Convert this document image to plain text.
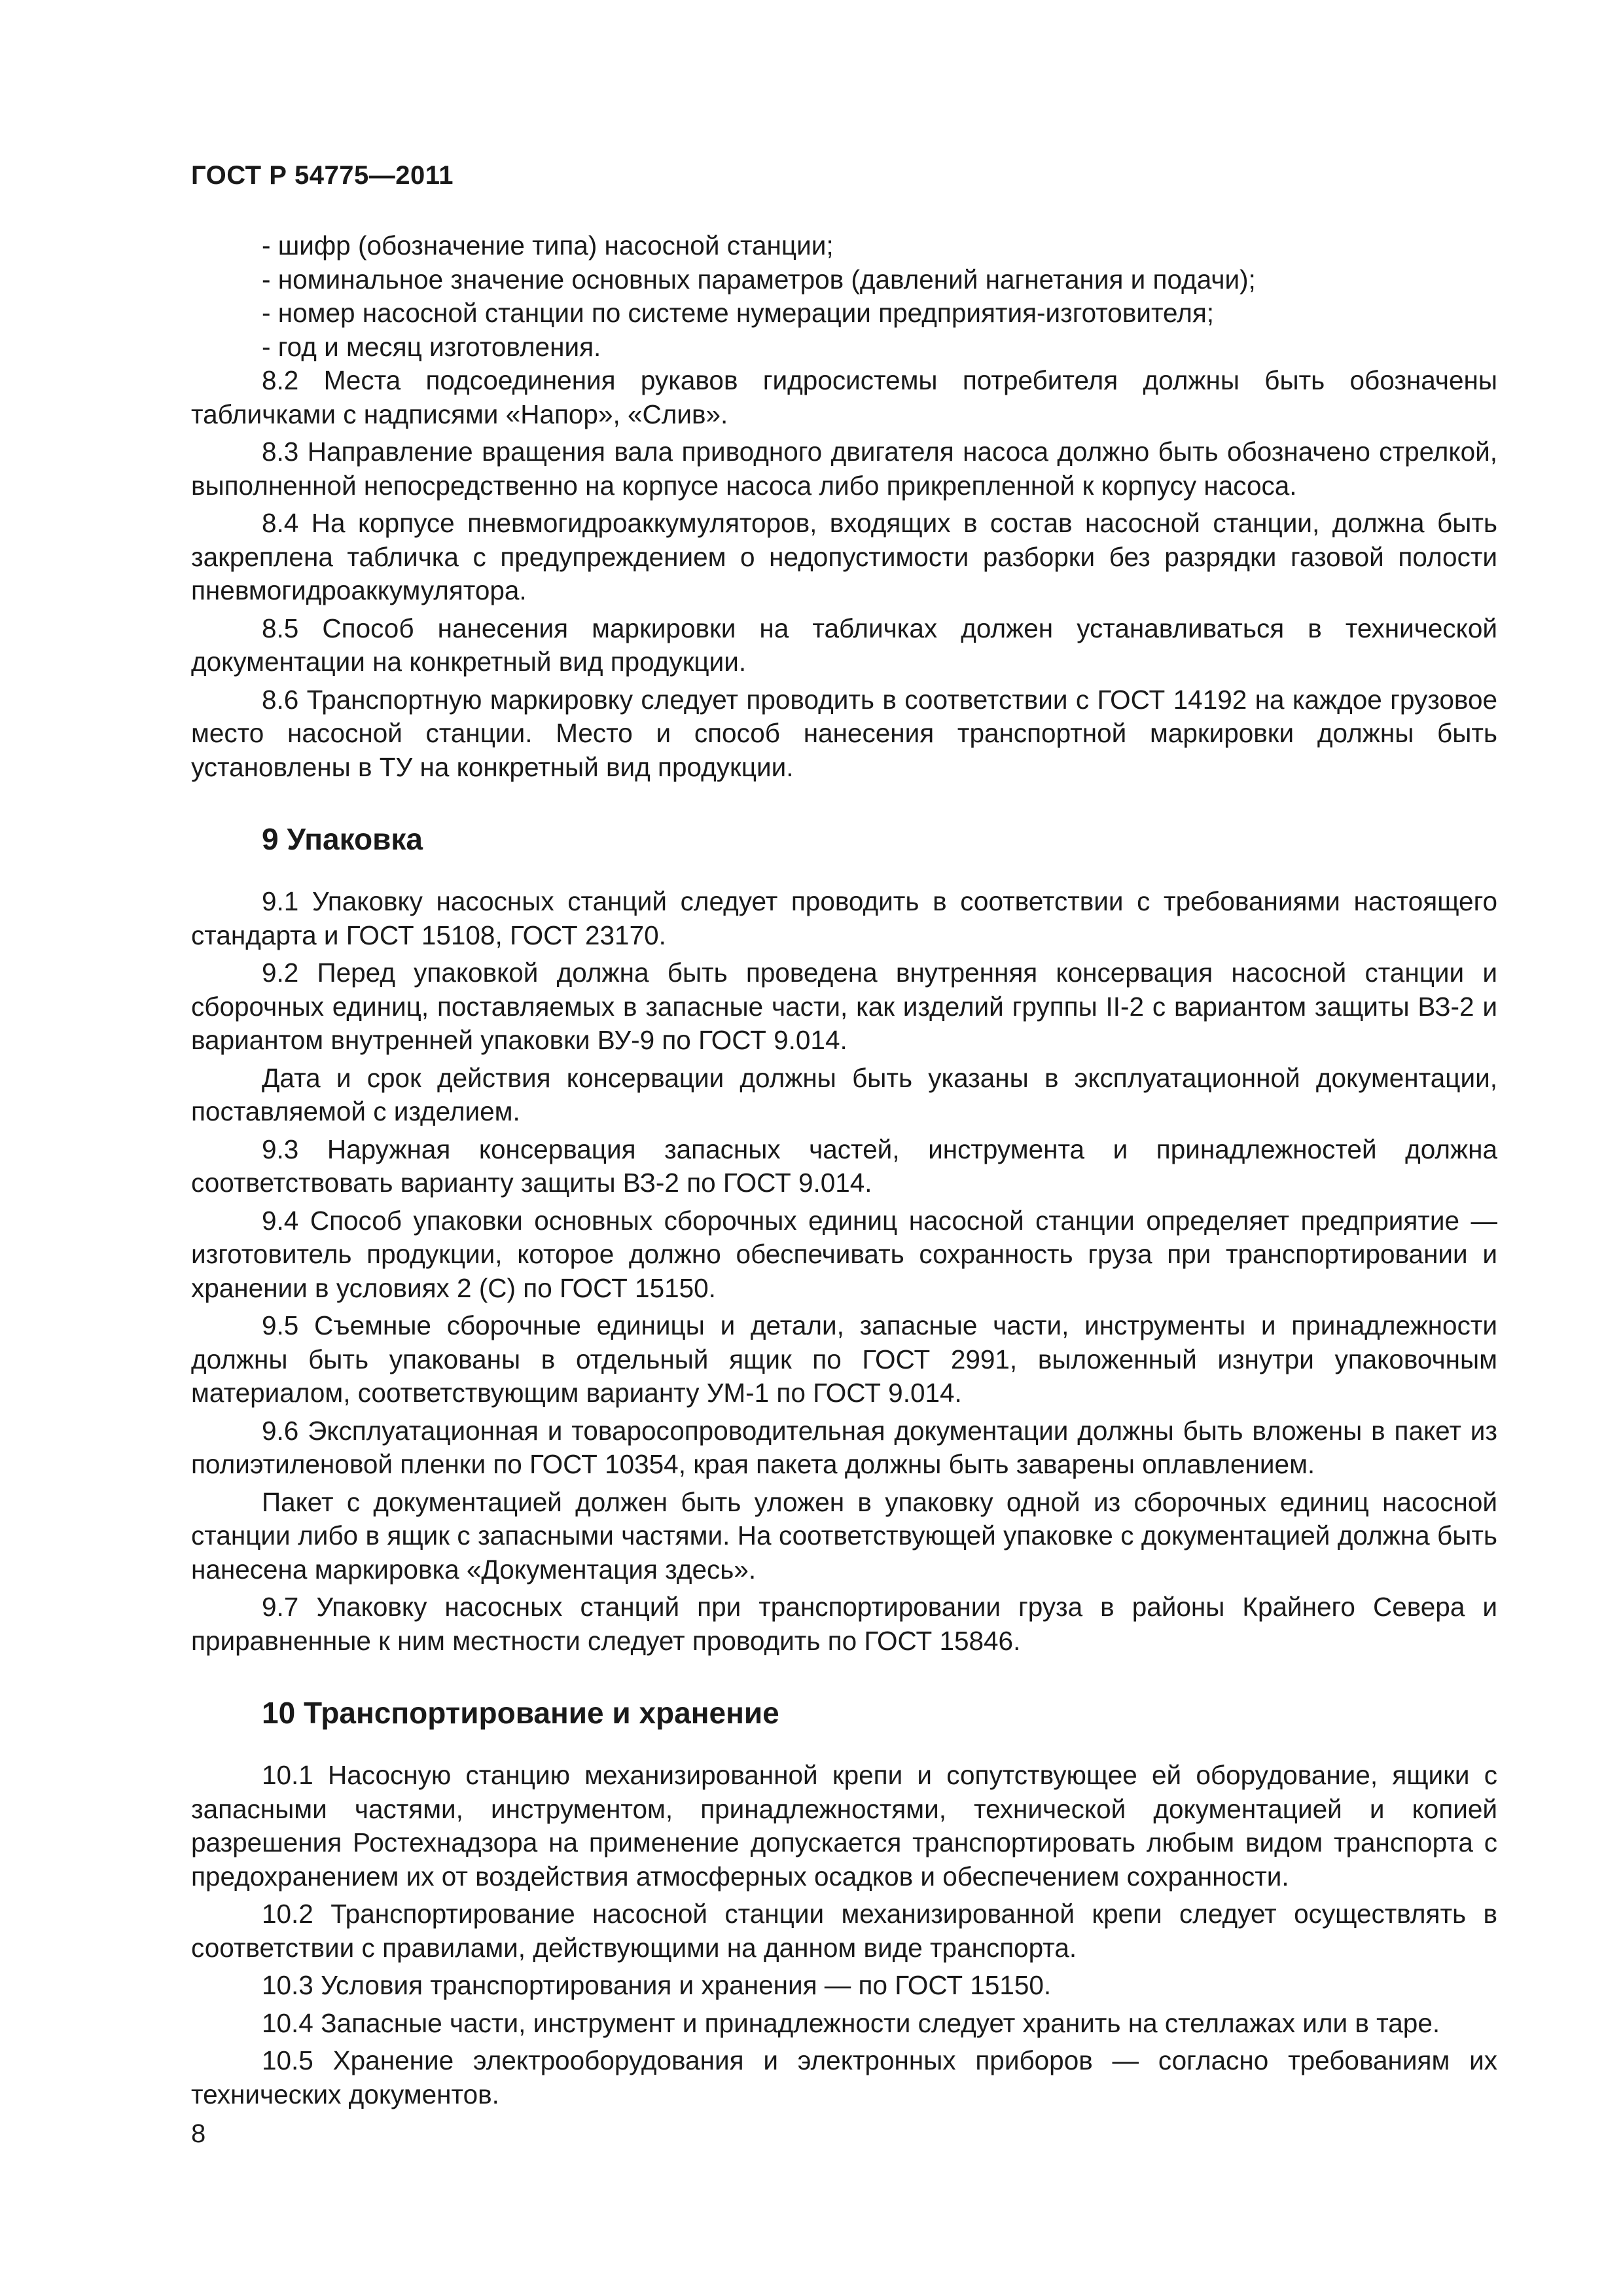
ГОСТ Р 54775—2011

- шифр (обозначение типа) насосной станции;

- номинальное значение основных параметров (давлений нагнетания и подачи);

- номер насосной станции по системе нумерации предприятия-изготовителя;

- год и месяц изготовления.

8.2 Места подсоединения рукавов гидросистемы потребителя должны быть обозначены табличками с надписями «Напор», «Слив».

8.3 Направление вращения вала приводного двигателя насоса должно быть обозначено стрелкой, выполненной непосредственно на корпусе насоса либо прикрепленной к корпусу насоса.

8.4 На корпусе пневмогидроаккумуляторов, входящих в состав насосной станции, должна быть закреплена табличка с предупреждением о недопустимости разборки без разрядки газовой полости пневмогидроаккумулятора.

8.5 Способ нанесения маркировки на табличках должен устанавливаться в технической документации на конкретный вид продукции.

8.6 Транспортную маркировку следует проводить в соответствии с ГОСТ 14192 на каждое грузовое место насосной станции. Место и способ нанесения транспортной маркировки должны быть установлены в ТУ на конкретный вид продукции.

9 Упаковка

9.1 Упаковку насосных станций следует проводить в соответствии с требованиями настоящего стандарта и ГОСТ 15108, ГОСТ 23170.

9.2 Перед упаковкой должна быть проведена внутренняя консервация насосной станции и сборочных единиц, поставляемых в запасные части, как изделий группы II-2 с вариантом защиты ВЗ-2 и вариантом внутренней упаковки ВУ-9 по ГОСТ 9.014.

Дата и срок действия консервации должны быть указаны в эксплуатационной документации, поставляемой с изделием.

9.3 Наружная консервация запасных частей, инструмента и принадлежностей должна соответствовать варианту защиты ВЗ-2 по ГОСТ 9.014.

9.4 Способ упаковки основных сборочных единиц насосной станции определяет предприятие — изготовитель продукции, которое должно обеспечивать сохранность груза при транспортировании и хранении в условиях 2 (С) по ГОСТ 15150.

9.5 Съемные сборочные единицы и детали, запасные части, инструменты и принадлежности должны быть упакованы в отдельный ящик по ГОСТ 2991, выложенный изнутри упаковочным материалом, соответствующим варианту УМ-1 по ГОСТ 9.014.

9.6 Эксплуатационная и товаросопроводительная документации должны быть вложены в пакет из полиэтиленовой пленки по ГОСТ 10354, края пакета должны быть заварены оплавлением.

Пакет с документацией должен быть уложен в упаковку одной из сборочных единиц насосной станции либо в ящик с запасными частями. На соответствующей упаковке с документацией должна быть нанесена маркировка «Документация здесь».

9.7 Упаковку насосных станций при транспортировании груза в районы Крайнего Севера и приравненные к ним местности следует проводить по ГОСТ 15846.

10 Транспортирование и хранение

10.1 Насосную станцию механизированной крепи и сопутствующее ей оборудование, ящики с запасными частями, инструментом, принадлежностями, технической документацией и копией разрешения Ростехнадзора на применение допускается транспортировать любым видом транспорта с предохранением их от воздействия атмосферных осадков и обеспечением сохранности.

10.2 Транспортирование насосной станции механизированной крепи следует осуществлять в соответствии с правилами, действующими на данном виде транспорта.

10.3 Условия транспортирования и хранения — по ГОСТ 15150.

10.4 Запасные части, инструмент и принадлежности следует хранить на стеллажах или в таре.

10.5 Хранение электрооборудования и электронных приборов — согласно требованиям их технических документов.

8
